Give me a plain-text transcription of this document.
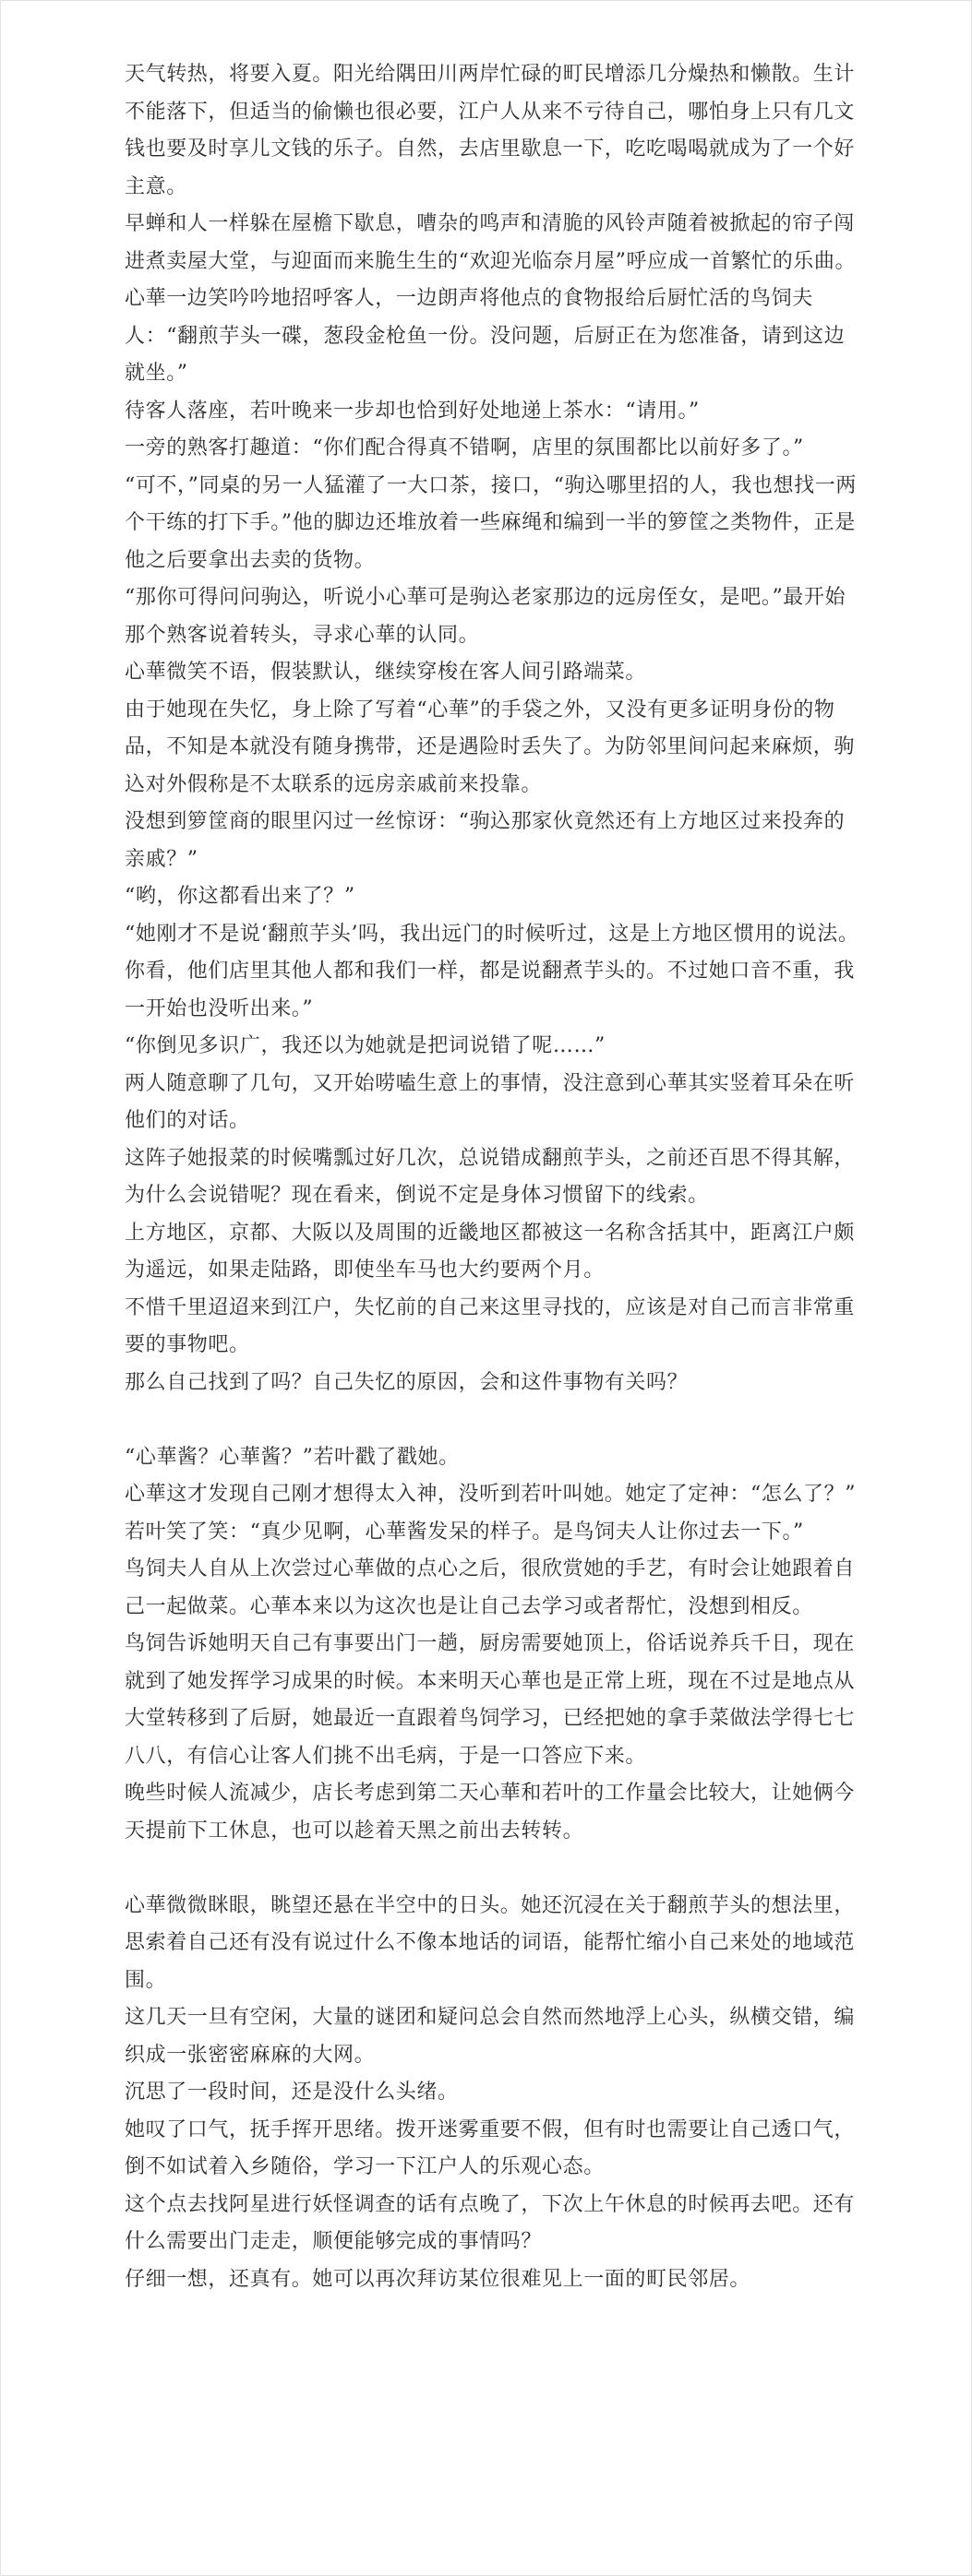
天气转热，将要入夏。阳光给隅田川两岸忙碌的町民增添几分燥热和懒散。生计不能落下，但适当的偷懒也很必要，江户人从来不亏待自己，哪怕身上只有几文钱也要及时享儿文钱的乐子。自然，去店里歇息一下，吃吃喝喝就成为了一个好主意。

早蝉和人一样躲在屋檐下歇息，嘈杂的鸣声和清脆的风铃声随着被掀起的帘子闯进煮卖屋大堂，与迎面而来脆生生的“欢迎光临奈月屋”呼应成一首繁忙的乐曲。

心華一边笑吟吟地招呼客人，一边朗声将他点的食物报给后厨忙活的鸟饲夫人：“翻煎芋头一碟，葱段金枪鱼一份。没问题，后厨正在为您准备，请到这边就坐。”

待客人落座，若叶晚来一步却也恰到好处地递上茶水：“请用。”

一旁的熟客打趣道：“你们配合得真不错啊，店里的氛围都比以前好多了。”

“可不，”同桌的另一人猛灌了一大口茶，接口，“驹込哪里招的人，我也想找一两个干练的打下手。”他的脚边还堆放着一些麻绳和编到一半的箩筐之类物件，正是他之后要拿出去卖的货物。

“那你可得问问驹込，听说小心華可是驹込老家那边的远房侄女，是吧。”最开始那个熟客说着转头，寻求心華的认同。

心華微笑不语，假装默认，继续穿梭在客人间引路端菜。

由于她现在失忆，身上除了写着“心華”的手袋之外，又没有更多证明身份的物品，不知是本就没有随身携带，还是遇险时丢失了。为防邻里间问起来麻烦，驹込对外假称是不太联系的远房亲戚前来投靠。

没想到箩筐商的眼里闪过一丝惊讶：“驹込那家伙竟然还有上方地区过来投奔的亲戚？”

“哟，你这都看出来了？”

“她刚才不是说‘翻煎芋头’吗，我出远门的时候听过，这是上方地区惯用的说法。你看，他们店里其他人都和我们一样，都是说翻煮芋头的。不过她口音不重，我一开始也没听出来。”

“你倒见多识广，我还以为她就是把词说错了呢……”

两人随意聊了几句，又开始唠嗑生意上的事情，没注意到心華其实竖着耳朵在听他们的对话。

这阵子她报菜的时候嘴瓢过好几次，总说错成翻煎芋头，之前还百思不得其解，为什么会说错呢？现在看来，倒说不定是身体习惯留下的线索。

上方地区，京都、大阪以及周围的近畿地区都被这一名称含括其中，距离江户颇为遥远，如果走陆路，即使坐车马也大约要两个月。

不惜千里迢迢来到江户，失忆前的自己来这里寻找的，应该是对自己而言非常重要的事物吧。

那么自己找到了吗？自己失忆的原因，会和这件事物有关吗？

“心華酱？心華酱？”若叶戳了戳她。

心華这才发现自己刚才想得太入神，没听到若叶叫她。她定了定神：“怎么了？”

若叶笑了笑：“真少见啊，心華酱发呆的样子。是鸟饲夫人让你过去一下。”

鸟饲夫人自从上次尝过心華做的点心之后，很欣赏她的手艺，有时会让她跟着自己一起做菜。心華本来以为这次也是让自己去学习或者帮忙，没想到相反。

鸟饲告诉她明天自己有事要出门一趟，厨房需要她顶上，俗话说养兵千日，现在就到了她发挥学习成果的时候。本来明天心華也是正常上班，现在不过是地点从大堂转移到了后厨，她最近一直跟着鸟饲学习，已经把她的拿手菜做法学得七七八八，有信心让客人们挑不出毛病，于是一口答应下来。

晚些时候人流减少，店长考虑到第二天心華和若叶的工作量会比较大，让她俩今天提前下工休息，也可以趁着天黑之前出去转转。

心華微微眯眼，眺望还悬在半空中的日头。她还沉浸在关于翻煎芋头的想法里，思索着自己还有没有说过什么不像本地话的词语，能帮忙缩小自己来处的地域范围。

这几天一旦有空闲，大量的谜团和疑问总会自然而然地浮上心头，纵横交错，编织成一张密密麻麻的大网。

沉思了一段时间，还是没什么头绪。

她叹了口气，抚手挥开思绪。拨开迷雾重要不假，但有时也需要让自己透口气，倒不如试着入乡随俗，学习一下江户人的乐观心态。

这个点去找阿星进行妖怪调查的话有点晚了，下次上午休息的时候再去吧。还有什么需要出门走走，顺便能够完成的事情吗？

仔细一想，还真有。她可以再次拜访某位很难见上一面的町民邻居。
